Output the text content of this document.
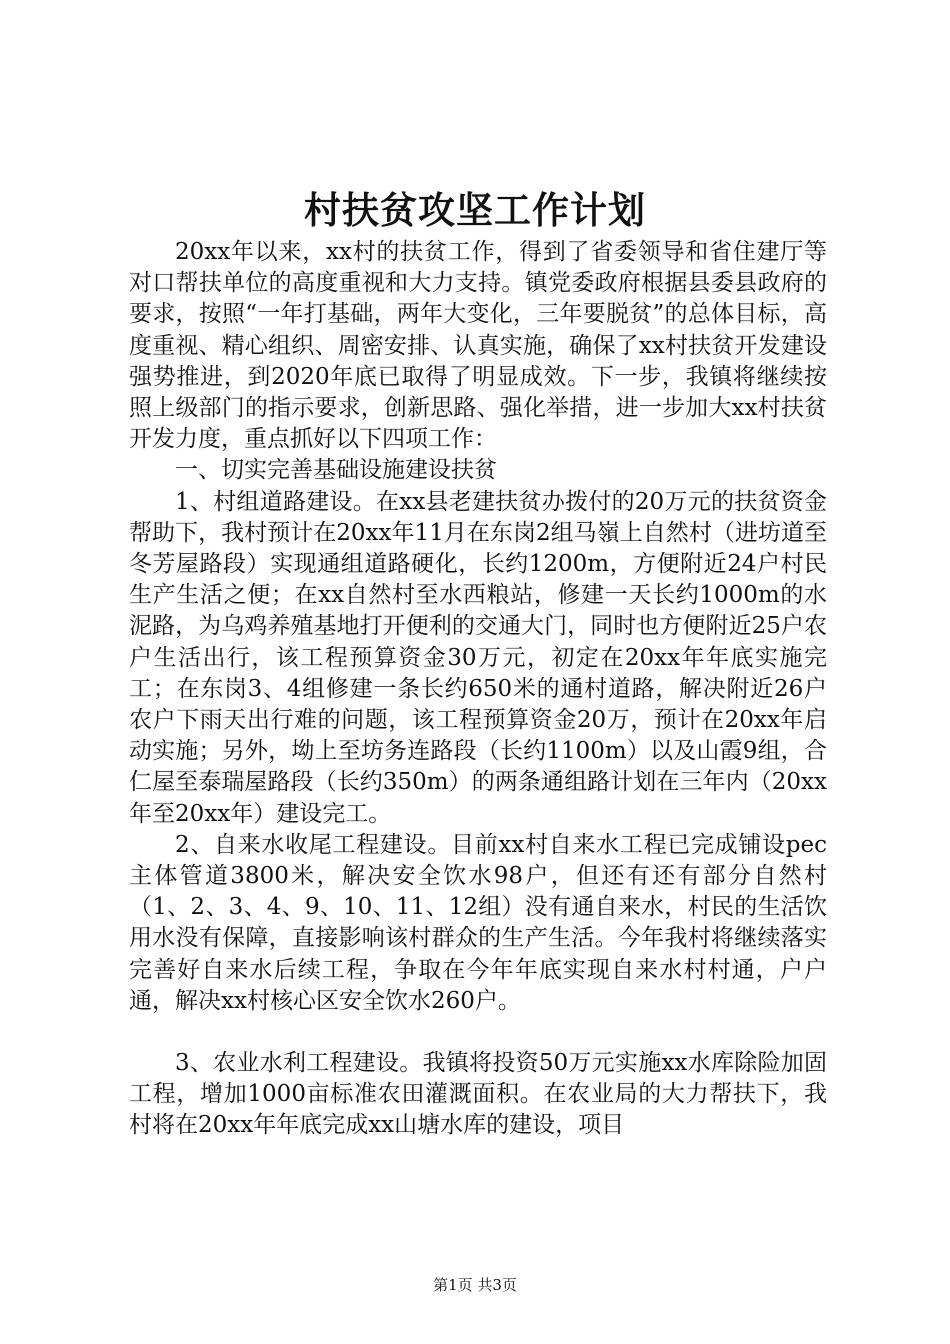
村扶贫攻坚工作计划

20xx年以来，xx村的扶贫工作，得到了省委领导和省住建厅等对口帮扶单位的高度重视和大力支持。镇党委政府根据县委县政府的要求，按照“一年打基础，两年大变化，三年要脱贫”的总体目标，高度重视、精心组织、周密安排、认真实施，确保了xx村扶贫开发建设强势推进，到2020年底已取得了明显成效。下一步，我镇将继续按照上级部门的指示要求，创新思路、强化举措，进一步加大xx村扶贫开发力度，重点抓好以下四项工作：

一、切实完善基础设施建设扶贫

1、村组道路建设。在xx县老建扶贫办拨付的20万元的扶贫资金帮助下，我村预计在20xx年11月在东岗2组马嶺上自然村（进坊道至冬芳屋路段）实现通组道路硬化，长约1200m，方便附近24户村民生产生活之便；在xx自然村至水西粮站，修建一天长约1000m的水泥路，为乌鸡养殖基地打开便利的交通大门，同时也方便附近25户农户生活出行，该工程预算资金30万元，初定在20xx年年底实施完工；在东岗3、4组修建一条长约650米的通村道路，解决附近26户农户下雨天出行难的问题，该工程预算资金20万，预计在20xx年启动实施；另外，坳上至坊务连路段（长约1100m）以及山霞9组，合仁屋至泰瑞屋路段（长约350m）的两条通组路计划在三年内（20xx年至20xx年）建设完工。

2、自来水收尾工程建设。目前xx村自来水工程已完成铺设pec主体管道3800米，解决安全饮水98户，但还有还有部分自然村（1、2、3、4、9、10、11、12组）没有通自来水，村民的生活饮用水没有保障，直接影响该村群众的生产生活。今年我村将继续落实完善好自来水后续工程，争取在今年年底实现自来水村村通，户户通，解决xx村核心区安全饮水260户。

3、农业水利工程建设。我镇将投资50万元实施xx水库除险加固工程，增加1000亩标准农田灌溉面积。在农业局的大力帮扶下，我村将在20xx年年底完成xx山塘水库的建设，项目

第1页 共3页
